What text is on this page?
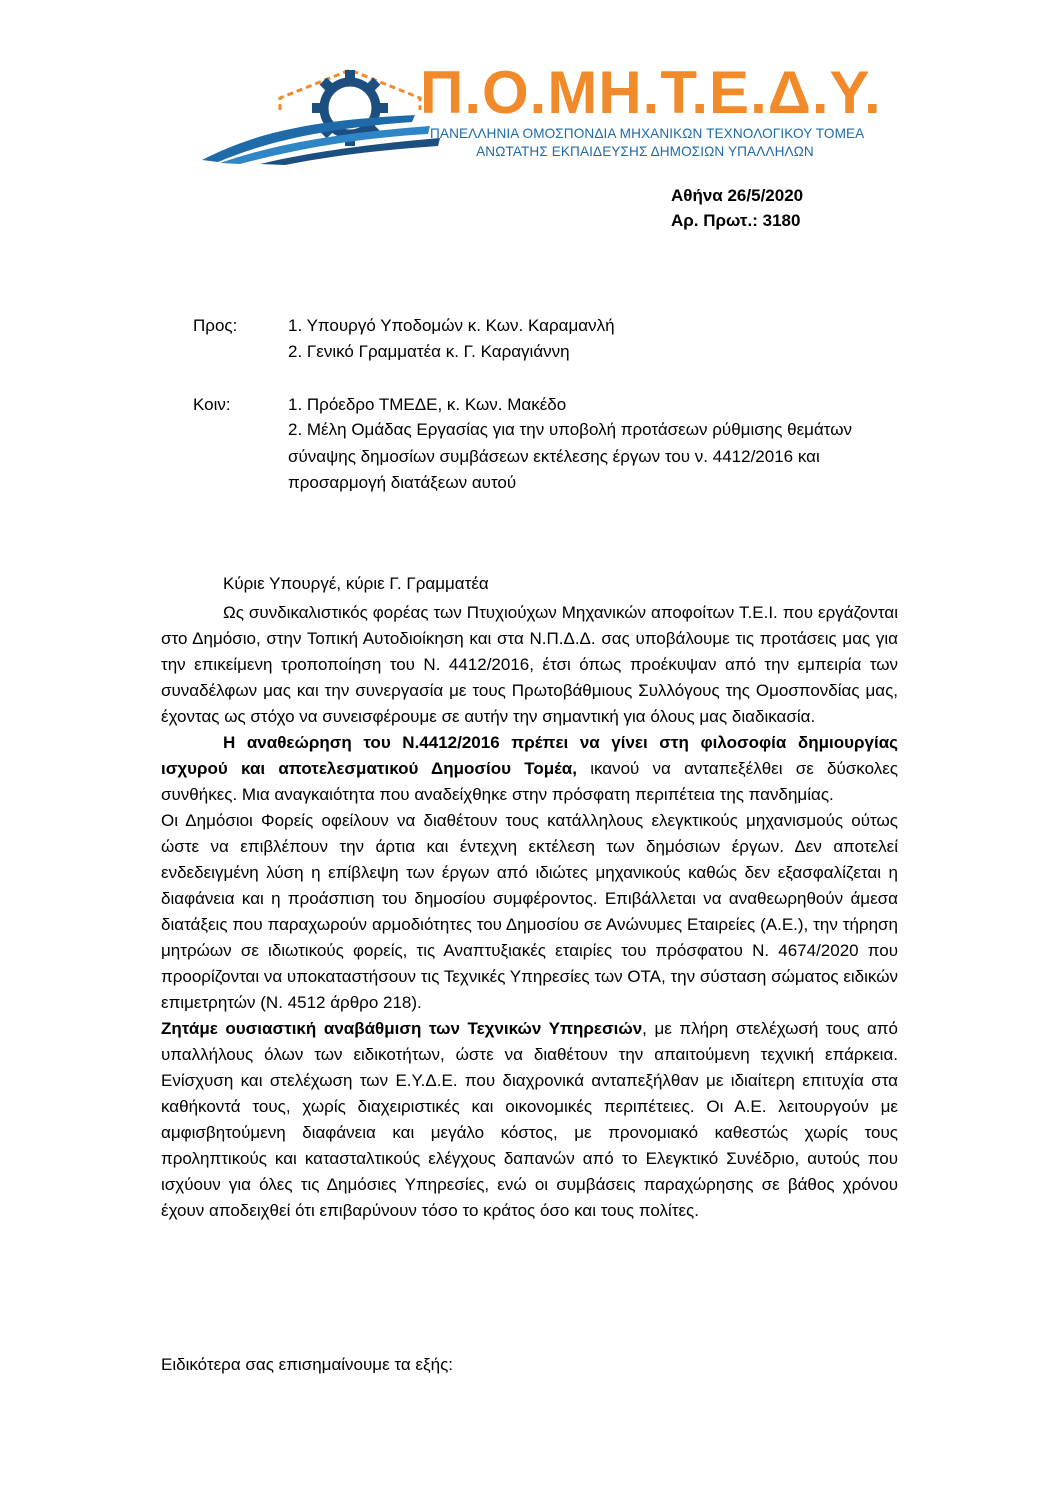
Π.Ο.ΜΗ.Τ.Ε.Δ.Υ.
ΠΑΝΕΛΛΗΝΙΑ ΟΜΟΣΠΟΝΔΙΑ ΜΗΧΑΝΙΚΩΝ ΤΕΧΝΟΛΟΓΙΚΟΥ ΤΟΜΕΑ
ΑΝΩΤΑΤΗΣ ΕΚΠΑΙΔΕΥΣΗΣ ΔΗΜΟΣΙΩΝ ΥΠΑΛΛΗΛΩΝ
Αθήνα 26/5/2020
Αρ. Πρωτ.: 3180
Προς:	1. Υπουργό Υποδομών κ. Κων. Καραμανλή
2. Γενικό Γραμματέα κ. Γ. Καραγιάννη
Κοιν:	1. Πρόεδρο ΤΜΕΔΕ, κ. Κων. Μακέδο
2. Μέλη Ομάδας Εργασίας για την υποβολή προτάσεων ρύθμισης θεμάτων σύναψης δημοσίων συμβάσεων εκτέλεσης έργων του ν. 4412/2016 και προσαρμογή διατάξεων αυτού
Κύριε Υπουργέ, κύριε Γ. Γραμματέα

Ως συνδικαλιστικός φορέας των Πτυχιούχων Μηχανικών αποφοίτων Τ.Ε.Ι. που εργάζονται στο Δημόσιο, στην Τοπική Αυτοδιοίκηση και στα Ν.Π.Δ.Δ. σας υποβάλουμε τις προτάσεις μας για την επικείμενη τροποποίηση του Ν. 4412/2016, έτσι όπως προέκυψαν από την εμπειρία των συναδέλφων μας και την συνεργασία με τους Πρωτοβάθμιους Συλλόγους της Ομοσπονδίας μας, έχοντας ως στόχο να συνεισφέρουμε σε αυτήν την σημαντική για όλους μας διαδικασία.

Η αναθεώρηση του Ν.4412/2016 πρέπει να γίνει στη φιλοσοφία δημιουργίας ισχυρού και αποτελεσματικού Δημοσίου Τομέα, ικανού να ανταπεξέλθει σε δύσκολες συνθήκες. Μια αναγκαιότητα που αναδείχθηκε στην πρόσφατη περιπέτεια της πανδημίας.

Οι Δημόσιοι Φορείς οφείλουν να διαθέτουν τους κατάλληλους ελεγκτικούς μηχανισμούς ούτως ώστε να επιβλέπουν την άρτια και έντεχνη εκτέλεση των δημόσιων έργων. Δεν αποτελεί ενδεδειγμένη λύση η επίβλεψη των έργων από ιδιώτες μηχανικούς καθώς δεν εξασφαλίζεται η διαφάνεια και η προάσπιση του δημοσίου συμφέροντος. Επιβάλλεται να αναθεωρηθούν άμεσα διατάξεις που παραχωρούν αρμοδιότητες του Δημοσίου σε Ανώνυμες Εταιρείες (Α.Ε.), την τήρηση μητρώων σε ιδιωτικούς φορείς, τις Αναπτυξιακές εταιρίες του πρόσφατου Ν. 4674/2020 που προορίζονται να υποκαταστήσουν τις Τεχνικές Υπηρεσίες των ΟΤΑ, την σύσταση σώματος ειδικών επιμετρητών (Ν. 4512 άρθρο 218).

Ζητάμε ουσιαστική αναβάθμιση των Τεχνικών Υπηρεσιών, με πλήρη στελέχωσή τους από υπαλλήλους όλων των ειδικοτήτων, ώστε να διαθέτουν την απαιτούμενη τεχνική επάρκεια. Ενίσχυση και στελέχωση των Ε.Υ.Δ.Ε. που διαχρονικά ανταπεξήλθαν με ιδιαίτερη επιτυχία στα καθήκοντά τους, χωρίς διαχειριστικές και οικονομικές περιπέτειες. Οι Α.Ε. λειτουργούν με αμφισβητούμενη διαφάνεια και μεγάλο κόστος, με προνομιακό καθεστώς χωρίς τους προληπτικούς και κατασταλτικούς ελέγχους δαπανών από το Ελεγκτικό Συνέδριο, αυτούς που ισχύουν για όλες τις Δημόσιες Υπηρεσίες, ενώ οι συμβάσεις παραχώρησης σε βάθος χρόνου έχουν αποδειχθεί ότι επιβαρύνουν τόσο το κράτος όσο και τους πολίτες.

Ειδικότερα σας επισημαίνουμε τα εξής:
